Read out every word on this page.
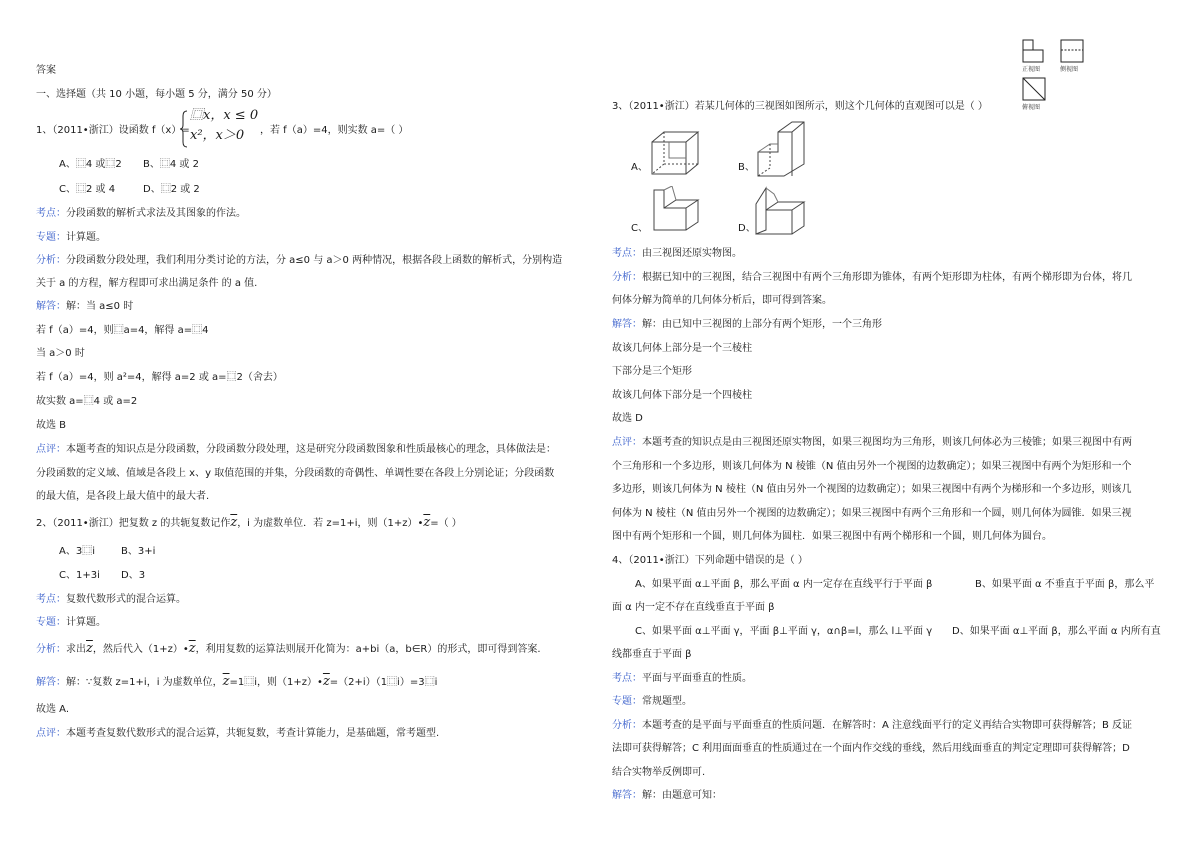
答案
一、选择题（共 10 小题，每小题 5 分，满分 50 分）
1、（2011•浙江）设函数 f（x）=
⿴x，x ≤ 0
x²，x＞0 ，若 f（a）=4，则实数 a=（ ）
A、⿴4 或⿴2 B、⿴4 或 2
C、⿴2 或 4	D、⿴2 或 2
考点：分段函数的解析式求法及其图象的作法。
专题：计算题。
分析：分段函数分段处理，我们利用分类讨论的方法，分 a≤0 与 a＞0 两种情况，根据各段上函数的解析式，分别构造
关于 a 的方程，解方程即可求出满足条件 的 a 值.
解答：解：当 a≤0 时
若 f（a）=4，则⿴a=4，解得 a=⿴4
当 a＞0 时
若 f（a）=4，则 a²=4，解得 a=2 或 a=⿴2（舍去）
故实数 a=⿴4 或 a=2
故选 B
点评：本题考查的知识点是分段函数，分段函数分段处理，这是研究分段函数图象和性质最核心的理念，具体做法是：
分段函数的定义域、值域是各段上 x、y 取值范围的并集，分段函数的奇偶性、单调性要在各段上分别论证；分段函数
的最大值，是各段上最大值中的最大者.
2、（2011•浙江）把复数 z 的共轭复数记作$\overline{z}$，i 为虚数单位．若 z=1+i，则$(1+z)•\overline{z}=$（ ）
A、3⿴i	B、3+i
C、1+3i D、3
考点：复数代数形式的混合运算。
专题：计算题。
分析：求出$\overline{z}$，然后代入$(1+z)•\overline{z}$，利用复数的运算法则展开化简为：a+bi（a，b∈R）的形式，即可得到答案.
解答：解：∵复数 z=1+i，i 为虚数单位，$\overline{z}=1$⿴i，则$(1+z)•\overline{z}=(2+i)(1$⿴i）=3⿴i
故选 A.
点评：本题考查复数代数形式的混合运算，共轭复数，考查计算能力，是基础题，常考题型.
正视图	侧视图
俯视图
3、（2011•浙江）若某几何体的三视图如图所示，则这个几何体的直观图可以是（ ）
A、	B、
C、	D、
考点：由三视图还原实物图。
分析：根据已知中的三视图，结合三视图中有两个三角形即为锥体，有两个矩形即为柱体，有两个梯形即为台体，将几
何体分解为简单的几何体分析后，即可得到答案。
解答：解：由已知中三视图的上部分有两个矩形，一个三角形
故该几何体上部分是一个三棱柱
下部分是三个矩形
故该几何体下部分是一个四棱柱
故选 D
点评：本题考查的知识点是由三视图还原实物图，如果三视图均为三角形，则该几何体必为三棱锥；如果三视图中有两
个三角形和一个多边形，则该几何体为 N 棱锥（N 值由另外一个视图的边数确定）；如果三视图中有两个为矩形和一个
多边形，则该几何体为 N 棱柱（N 值由另外一个视图的边数确定）；如果三视图中有两个为梯形和一个多边形，则该几
何体为 N 棱柱（N 值由另外一个视图的边数确定）；如果三视图中有两个三角形和一个圆，则几何体为圆锥．如果三视
图中有两个矩形和一个圆，则几何体为圆柱．如果三视图中有两个梯形和一个圆，则几何体为圆台。
4、（2011•浙江）下列命题中错误的是（ ）
A、如果平面 α⊥平面 β，那么平面 α 内一定存在直线平行于平面 β	B、如果平面 α 不垂直于平面 β，那么平
面 α 内一定不存在直线垂直于平面 β
C、如果平面 α⊥平面 γ，平面 β⊥平面 γ，α∩β=l，那么 l⊥平面 γ D、如果平面 α⊥平面 β，那么平面 α 内所有直
线都垂直于平面 β
考点：平面与平面垂直的性质。
专题：常规题型。
分析：本题考查的是平面与平面垂直的性质问题．在解答时：A 注意线面平行的定义再结合实物即可获得解答；B 反证
法即可获得解答；C 利用面面垂直的性质通过在一个面内作交线的垂线，然后用线面垂直的判定定理即可获得解答；D
结合实物举反例即可.
解答：解：由题意可知：
